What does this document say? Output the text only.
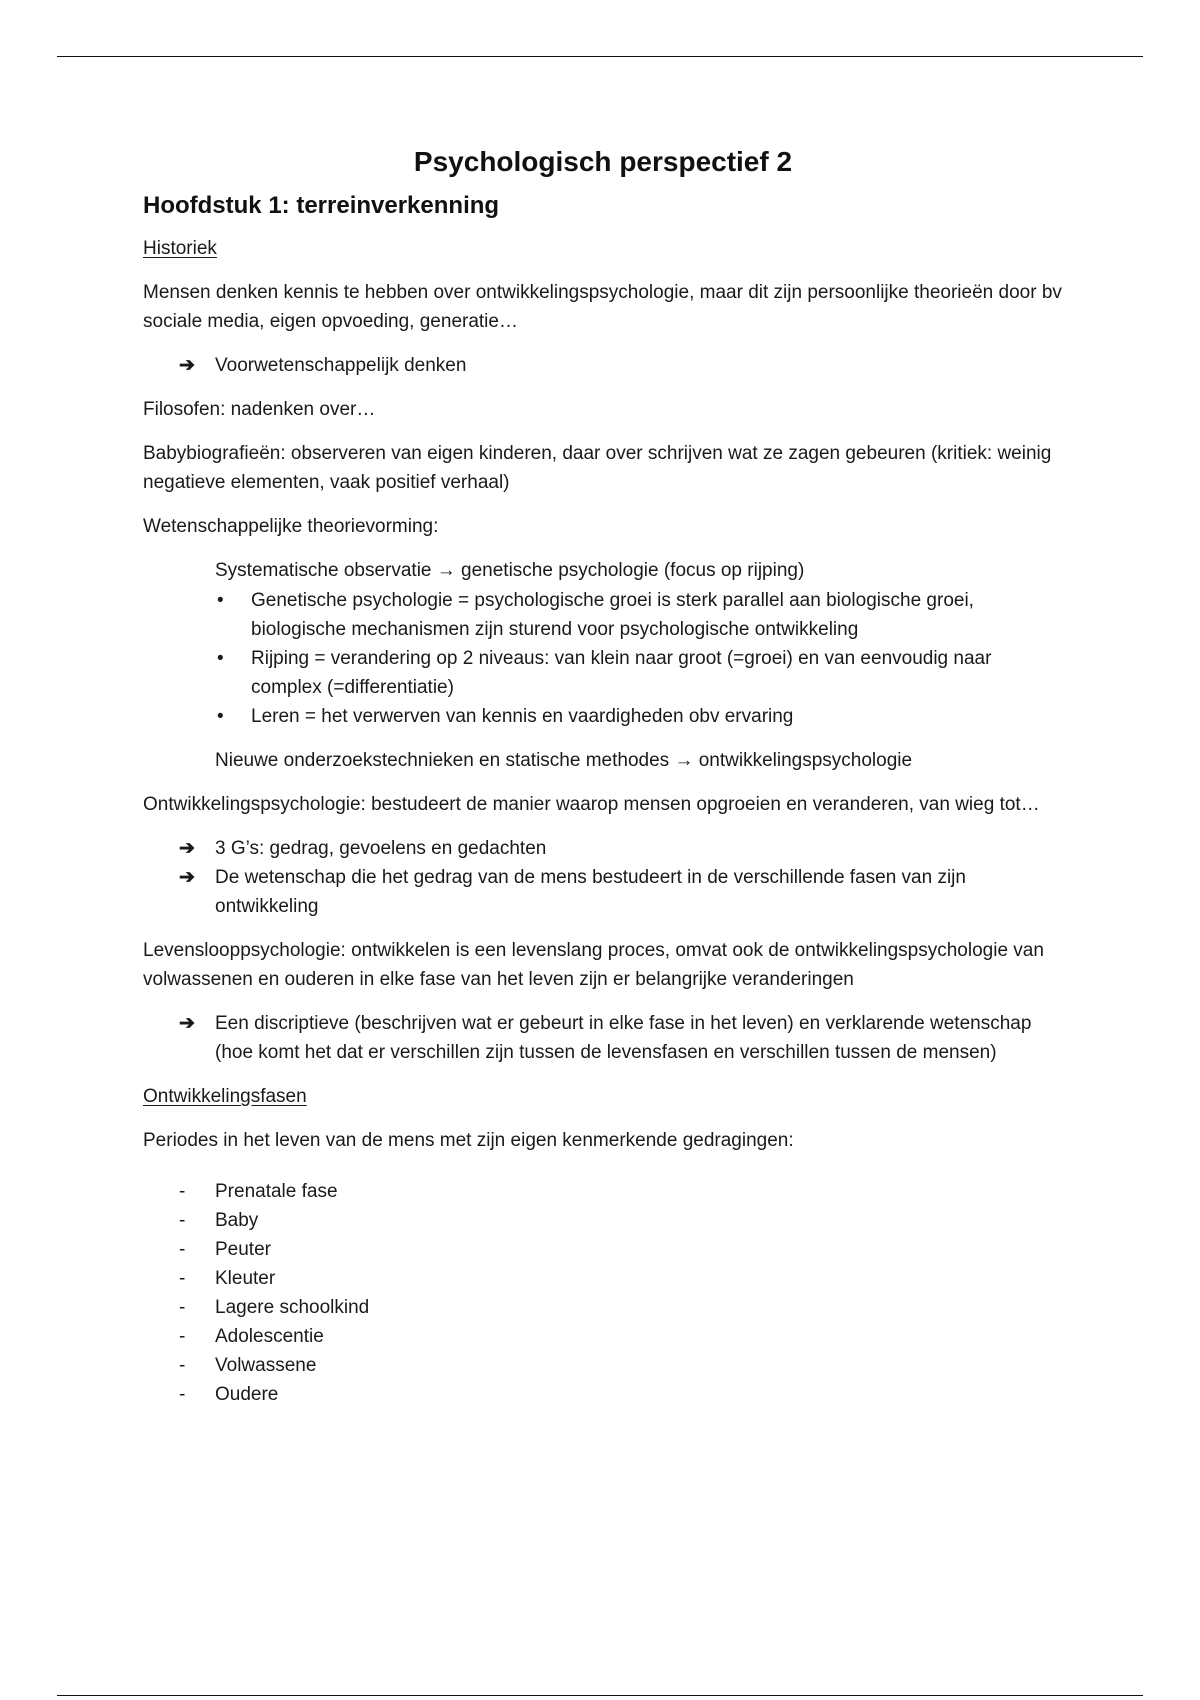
Psychologisch perspectief 2
Hoofdstuk 1: terreinverkenning
Historiek

Mensen denken kennis te hebben over ontwikkelingspsychologie, maar dit zijn persoonlijke theorieën door bv sociale media, eigen opvoeding, generatie…

➔ Voorwetenschappelijk denken

Filosofen: nadenken over…

Babybiografieën: observeren van eigen kinderen, daar over schrijven wat ze zagen gebeuren (kritiek: weinig negatieve elementen, vaak positief verhaal)

Wetenschappelijke theorievorming:

Systematische observatie → genetische psychologie (focus op rijping)
• Genetische psychologie = psychologische groei is sterk parallel aan biologische groei, biologische mechanismen zijn sturend voor psychologische ontwikkeling
• Rijping = verandering op 2 niveaus: van klein naar groot (=groei) en van eenvoudig naar complex (=differentiatie)
• Leren = het verwerven van kennis en vaardigheden obv ervaring

Nieuwe onderzoekstechnieken en statische methodes → ontwikkelingspsychologie

Ontwikkelingspsychologie: bestudeert de manier waarop mensen opgroeien en veranderen, van wieg tot…

➔ 3 G’s: gedrag, gevoelens en gedachten
➔ De wetenschap die het gedrag van de mens bestudeert in de verschillende fasen van zijn ontwikkeling

Levenslooppsychologie: ontwikkelen is een levenslang proces, omvat ook de ontwikkelingspsychologie van volwassenen en ouderen in elke fase van het leven zijn er belangrijke veranderingen

➔ Een discriptieve (beschrijven wat er gebeurt in elke fase in het leven) en verklarende wetenschap (hoe komt het dat er verschillen zijn tussen de levensfasen en verschillen tussen de mensen)
Ontwikkelingsfasen

Periodes in het leven van de mens met zijn eigen kenmerkende gedragingen:

- Prenatale fase
- Baby
- Peuter
- Kleuter
- Lagere schoolkind
- Adolescentie
- Volwassene
- Oudere
